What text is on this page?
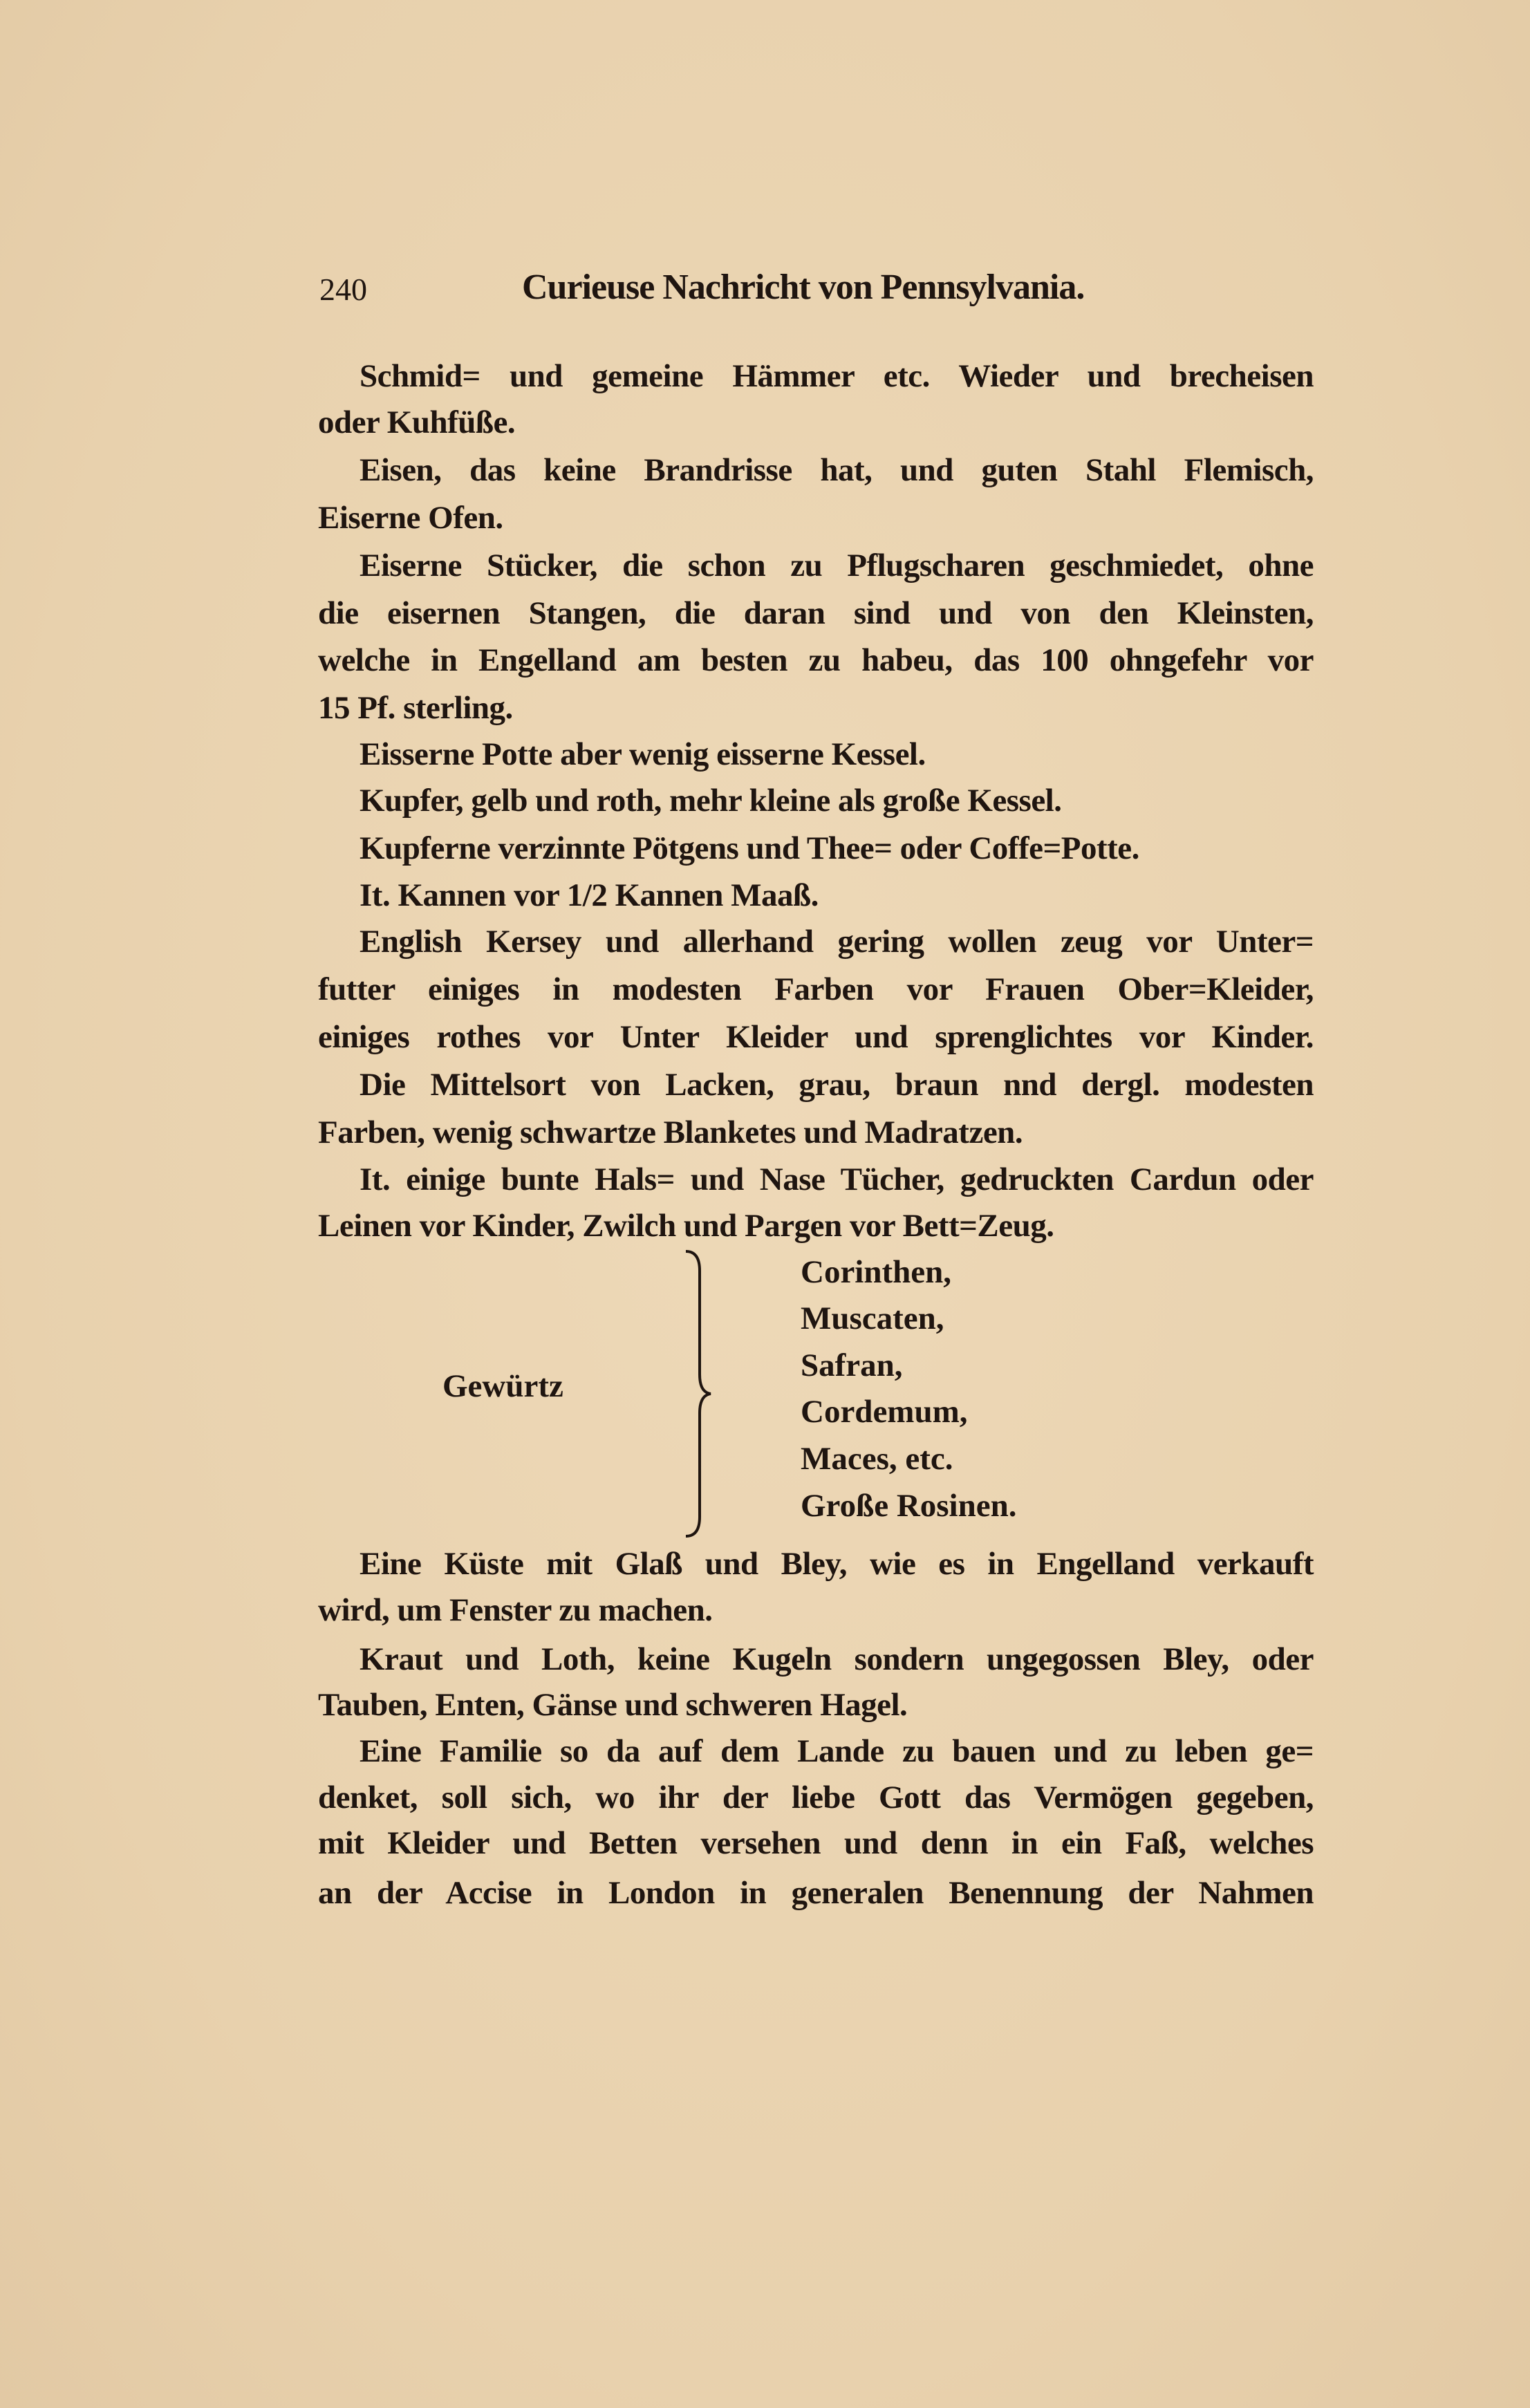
240	Curieuse Nachricht von Pennsylvania.
Schmid= und gemeine Hämmer etc. Wieder und brecheisen
oder Kuhfüße.
Eisen, das keine Brandrisse hat, und guten Stahl Flemisch,
Eiserne Ofen.
Eiserne Stücker, die schon zu Pflugscharen geschmiedet, ohne
die eisernen Stangen, die daran sind und von den Kleinsten,
welche in Engelland am besten zu habeu, das 100 ohngefehr vor
15 Pf. sterling.
Eisserne Potte aber wenig eisserne Kessel.
Kupfer, gelb und roth, mehr kleine als große Kessel.
Kupferne verzinnte Pötgens und Thee= oder Coffe=Potte.
It. Kannen vor 1/2 Kannen Maaß.
English Kersey und allerhand gering wollen zeug vor Unter=
futter einiges in modesten Farben vor Frauen Ober=Kleider,
einiges rothes vor Unter Kleider und sprenglichtes vor Kinder.
Die Mittelsort von Lacken, grau, braun nnd dergl. modesten
Farben, wenig schwartze Blanketes und Madratzen.
It. einige bunte Hals= und Nase Tücher, gedruckten Cardun oder
Leinen vor Kinder, Zwilch und Pargen vor Bett=Zeug.
Gewürtz
Corinthen,
Muscaten,
Safran,
Cordemum,
Maces, etc.
Große Rosinen.
Eine Küste mit Glaß und Bley, wie es in Engelland verkauft
wird, um Fenster zu machen.
Kraut und Loth, keine Kugeln sondern ungegossen Bley, oder
Tauben, Enten, Gänse und schweren Hagel.
Eine Familie so da auf dem Lande zu bauen und zu leben ge=
denket, soll sich, wo ihr der liebe Gott das Vermögen gegeben,
mit Kleider und Betten versehen und denn in ein Faß, welches
an der Accise in London in generalen Benennung der Nahmen
